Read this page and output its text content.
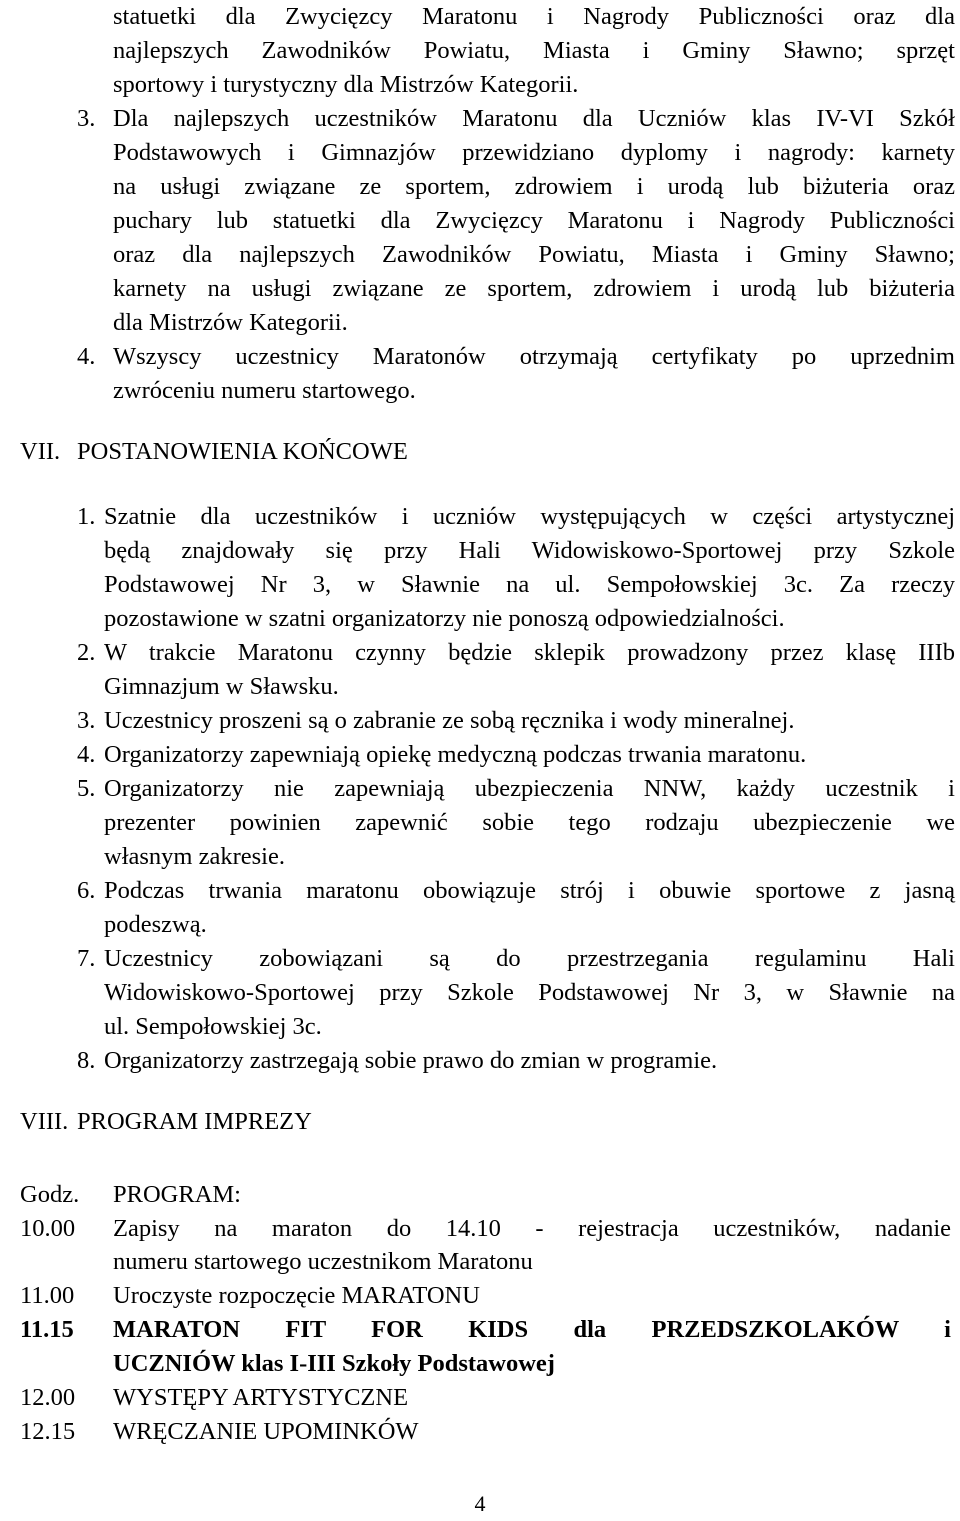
statuetki dla Zwycięzcy Maratonu i Nagrody Publiczności oraz dla
najlepszych Zawodników Powiatu, Miasta i Gminy Sławno; sprzęt
sportowy i turystyczny dla Mistrzów Kategorii.
3. Dla najlepszych uczestników Maratonu dla Uczniów klas IV-VI Szkół
Podstawowych i Gimnazjów przewidziano dyplomy i nagrody: karnety
na usługi związane ze sportem, zdrowiem i urodą lub biżuteria oraz
puchary lub statuetki dla Zwycięzcy Maratonu i Nagrody Publiczności
oraz dla najlepszych Zawodników Powiatu, Miasta i Gminy Sławno;
karnety na usługi związane ze sportem, zdrowiem i urodą lub biżuteria
dla Mistrzów Kategorii.
4. Wszyscy uczestnicy Maratonów otrzymają certyfikaty po uprzednim
zwróceniu numeru startowego.
VII. POSTANOWIENIA KOŃCOWE
1. Szatnie dla uczestników i uczniów występujących w części artystycznej
będą znajdowały się przy Hali Widowiskowo-Sportowej przy Szkole
Podstawowej Nr 3, w Sławnie na ul. Sempołowskiej 3c. Za rzeczy
pozostawione w szatni organizatorzy nie ponoszą odpowiedzialności.
2. W trakcie Maratonu czynny będzie sklepik prowadzony przez klasę IIIb
Gimnazjum w Sławsku.
3. Uczestnicy proszeni są o zabranie ze sobą ręcznika i wody mineralnej.
4. Organizatorzy zapewniają opiekę medyczną podczas trwania maratonu.
5. Organizatorzy nie zapewniają ubezpieczenia NNW, każdy uczestnik i
prezenter powinien zapewnić sobie tego rodzaju ubezpieczenie we
własnym zakresie.
6. Podczas trwania maratonu obowiązuje strój i obuwie sportowe z jasną
podeszwą.
7. Uczestnicy zobowiązani są do przestrzegania regulaminu Hali
Widowiskowo-Sportowej przy Szkole Podstawowej Nr 3, w Sławnie na
ul. Sempołowskiej 3c.
8. Organizatorzy zastrzegają sobie prawo do zmian w programie.
VIII. PROGRAM IMPREZY
Godz. PROGRAM:
10.00 Zapisy na maraton do 14.10 - rejestracja uczestników, nadanie
numeru startowego uczestnikom Maratonu
11.00 Uroczyste rozpoczęcie MARATONU
11.15 MARATON FIT FOR KIDS dla PRZEDSZKOLAKÓW i
UCZNIÓW klas I-III Szkoły Podstawowej
12.00 WYSTĘPY ARTYSTYCZNE
12.15 WRĘCZANIE UPOMINKÓW
4
